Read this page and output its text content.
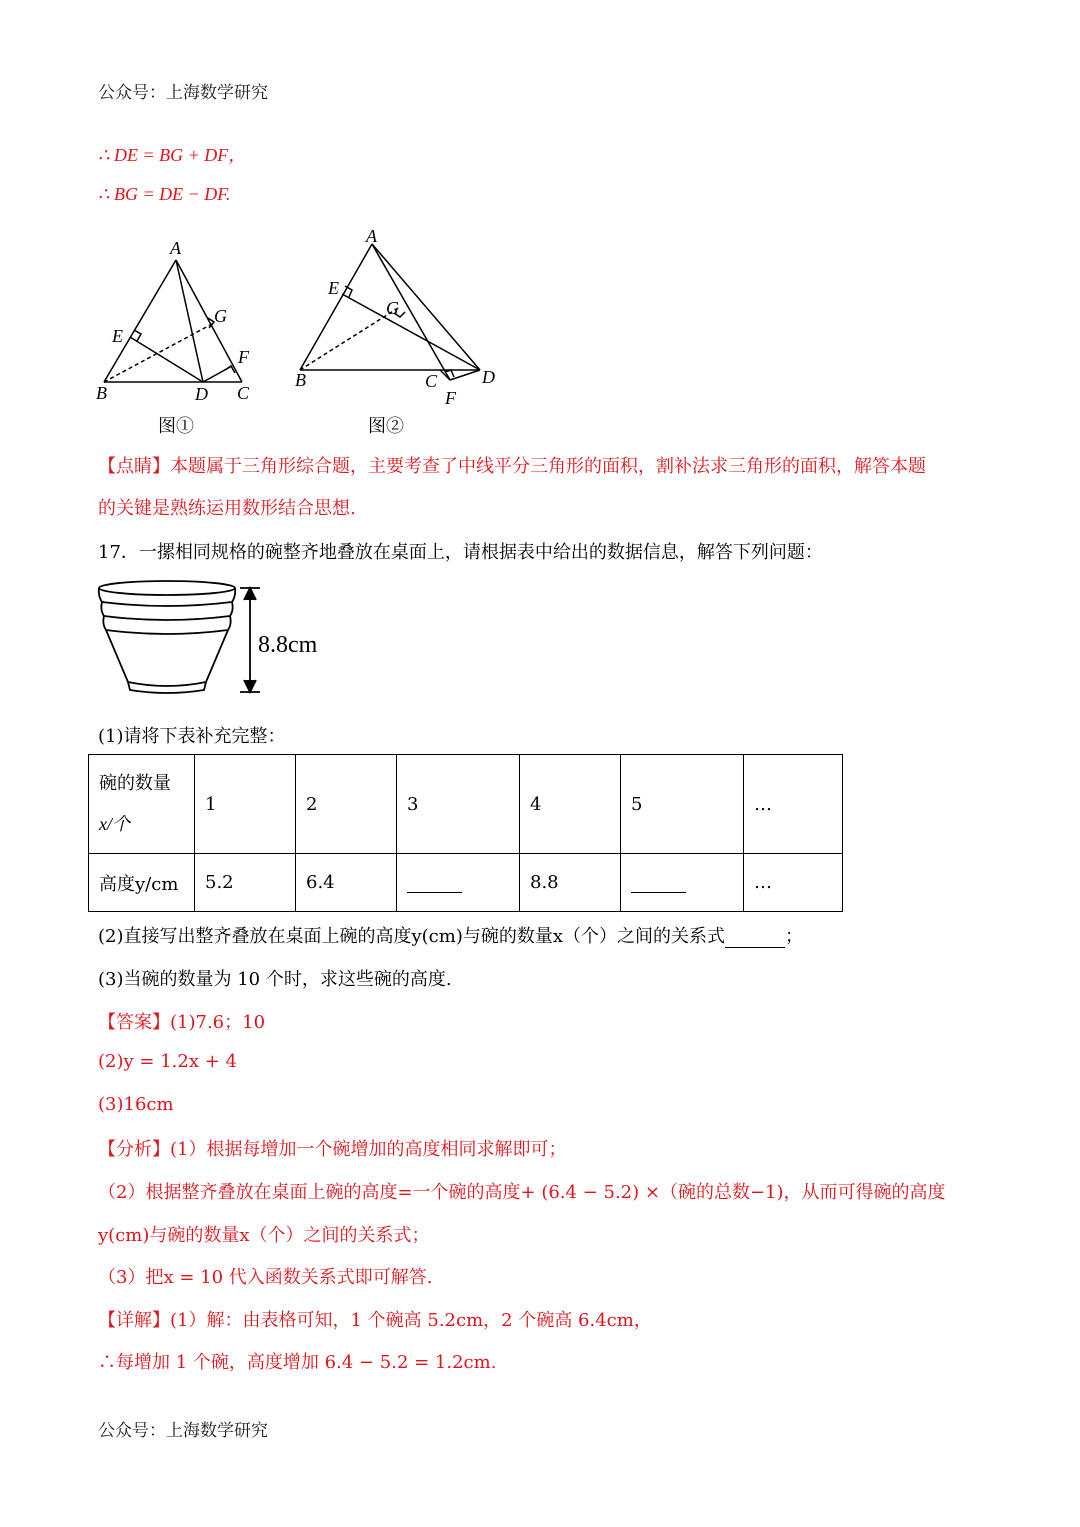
公众号：上海数学研究
∴ DE = BG + DF，
∴ BG = DE − DF.
A
B	C
D
E
F
G
图①
A
B	C D
E
F
G
图②
【点睛】本题属于三角形综合题，主要考查了中线平分三角形的面积，割补法求三角形的面积，解答本题
的关键是熟练运用数形结合思想.
17．一摞相同规格的碗整齐地叠放在桌面上，请根据表中给出的数据信息，解答下列问题：
8.8cm
(1)请将下表补充完整：
碗的数量
x/个	1	2	3	4	5	…
高度y/cm	5.2	6.4		8.8		…
(2)直接写出整齐叠放在桌面上碗的高度y(cm)与碗的数量x（个）之间的关系式	；
(3)当碗的数量为 10 个时，求这些碗的高度.
【答案】(1)7.6；10
(2)y = 1.2x + 4
(3)16cm
【分析】(1）根据每增加一个碗增加的高度相同求解即可；
（2）根据整齐叠放在桌面上碗的高度=一个碗的高度+ (6.4 − 5.2) ×（碗的总数−1)，从而可得碗的高度
y(cm)与碗的数量x（个）之间的关系式；
（3）把x = 10 代入函数关系式即可解答.
【详解】(1）解：由表格可知，1 个碗高 5.2cm，2 个碗高 6.4cm，
∴每增加 1 个碗，高度增加 6.4 − 5.2 = 1.2cm.
公众号：上海数学研究
